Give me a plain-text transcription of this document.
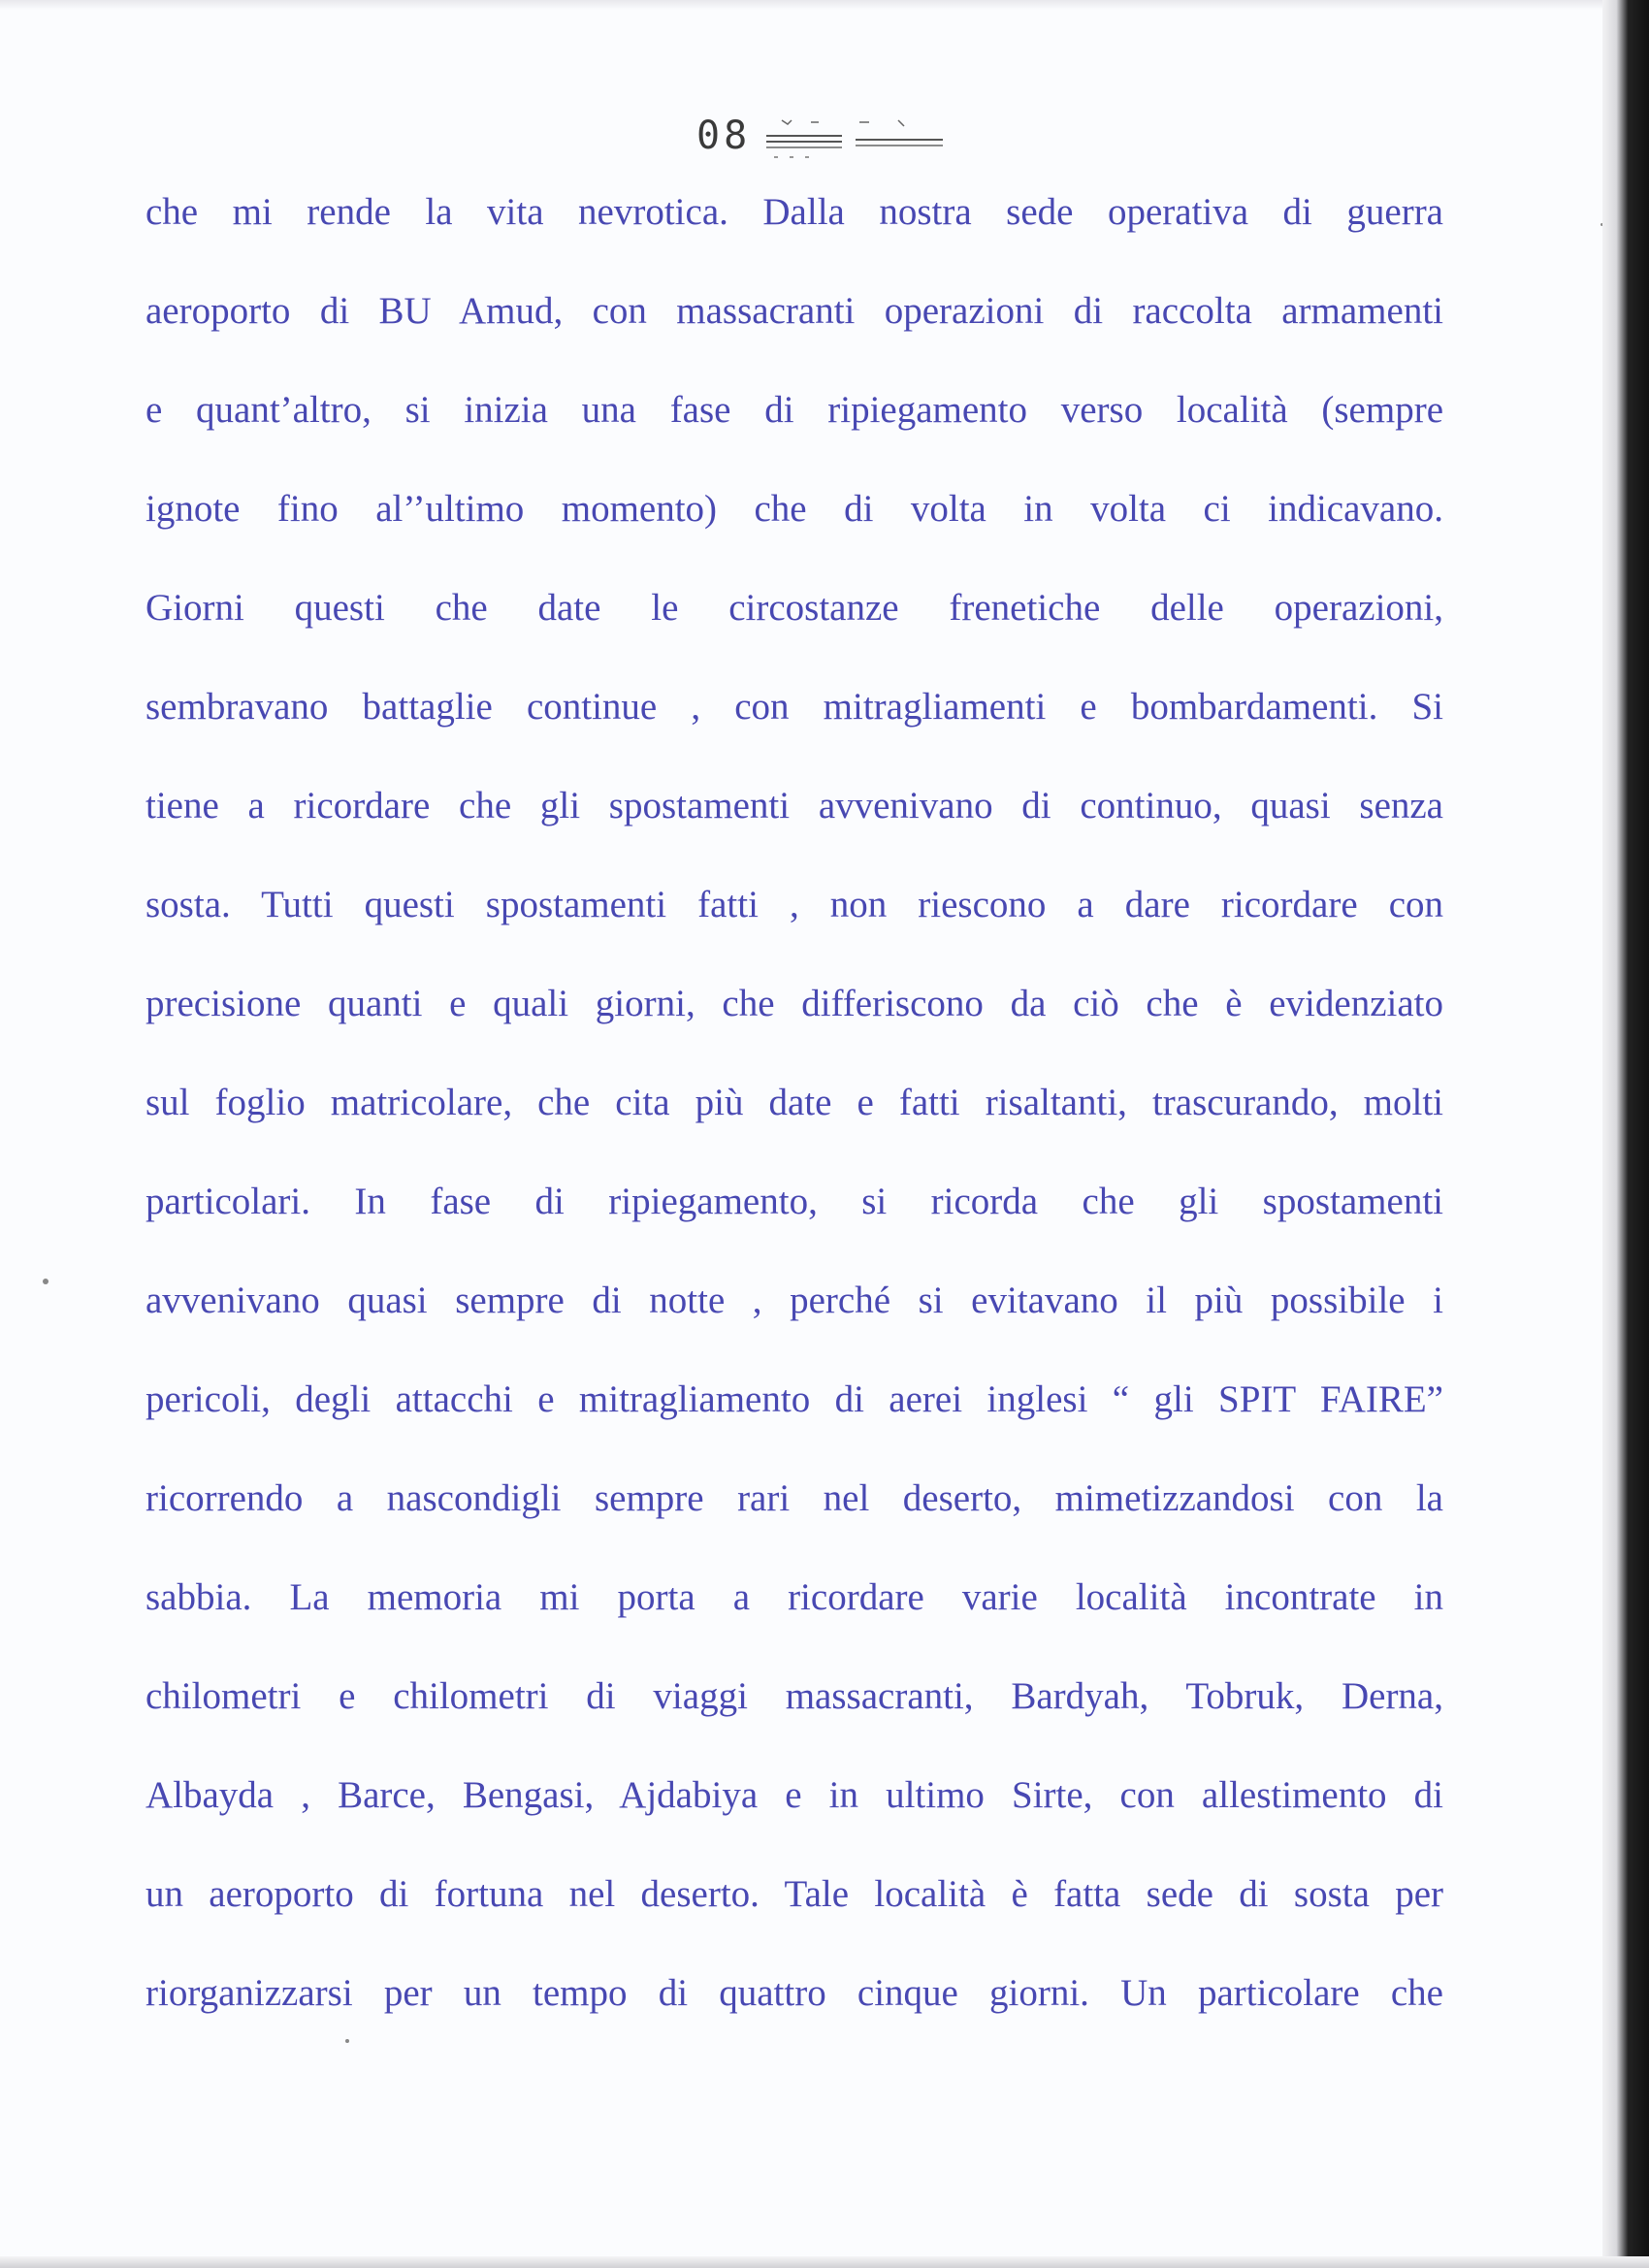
08
che mi rende la vita nevrotica. Dalla nostra sede operativa di guerra
aeroporto di BU Amud, con massacranti operazioni di raccolta armamenti
e quant’altro, si inizia una fase di ripiegamento verso località (sempre
ignote fino al’’ultimo momento) che di volta in volta ci indicavano.
Giorni questi che date le circostanze frenetiche delle operazioni,
sembravano battaglie continue , con mitragliamenti e bombardamenti. Si
tiene a ricordare che gli spostamenti avvenivano di continuo, quasi senza
sosta. Tutti questi spostamenti fatti , non riescono a dare ricordare con
precisione quanti e quali giorni, che differiscono da ciò che è evidenziato
sul foglio matricolare, che cita più date e fatti risaltanti, trascurando, molti
particolari. In fase di ripiegamento, si ricorda che gli spostamenti
avvenivano quasi sempre di notte , perché si evitavano il più possibile i
pericoli, degli attacchi e mitragliamento di aerei inglesi “ gli SPIT FAIRE”
ricorrendo a nascondigli sempre rari nel deserto, mimetizzandosi con la
sabbia. La memoria mi porta a ricordare varie località incontrate in
chilometri e chilometri di viaggi massacranti, Bardyah, Tobruk, Derna,
Albayda , Barce, Bengasi, Ajdabiya e in ultimo Sirte, con allestimento di
un aeroporto di fortuna nel deserto. Tale località è fatta sede di sosta per
riorganizzarsi per un tempo di quattro cinque giorni. Un particolare che
